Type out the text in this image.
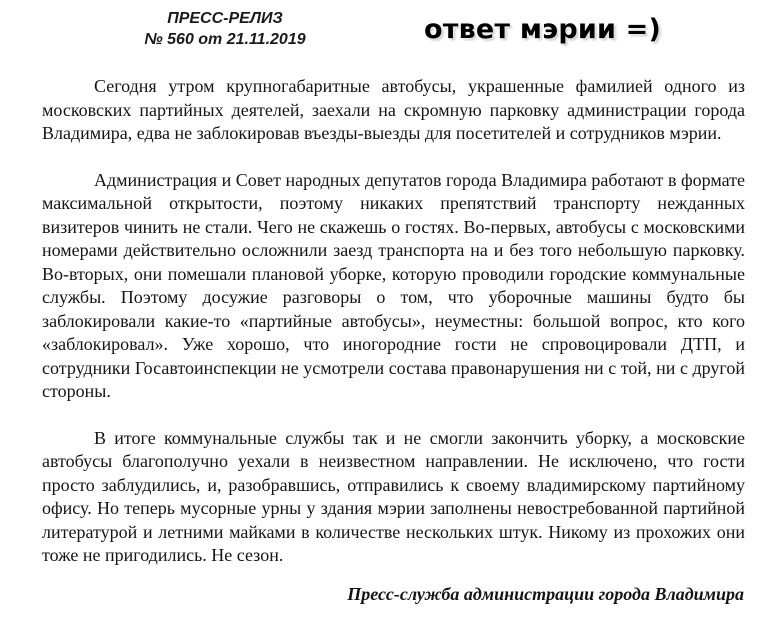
ПРЕСС-РЕЛИЗ
№ 560 от 21.11.2019	ответ мэрии =)

Сегодня утром крупногабаритные автобусы, украшенные фамилией одного из московских партийных деятелей, заехали на скромную парковку администрации города Владимира, едва не заблокировав въезды-выезды для посетителей и сотрудников мэрии.

Администрация и Совет народных депутатов города Владимира работают в формате максимальной открытости, поэтому никаких препятствий транспорту нежданных визитеров чинить не стали. Чего не скажешь о гостях. Во-первых, автобусы с московскими номерами действительно осложнили заезд транспорта на и без того небольшую парковку. Во-вторых, они помешали плановой уборке, которую проводили городские коммунальные службы. Поэтому досужие разговоры о том, что уборочные машины будто бы заблокировали какие-то «партийные автобусы», неуместны: большой вопрос, кто кого «заблокировал». Уже хорошо, что иногородние гости не спровоцировали ДТП, и сотрудники Госавтоинспекции не усмотрели состава правонарушения ни с той, ни с другой стороны.

В итоге коммунальные службы так и не смогли закончить уборку, а московские автобусы благополучно уехали в неизвестном направлении. Не исключено, что гости просто заблудились, и, разобравшись, отправились к своему владимирскому партийному офису. Но теперь мусорные урны у здания мэрии заполнены невостребованной партийной литературой и летними майками в количестве нескольких штук. Никому из прохожих они тоже не пригодились. Не сезон.

Пресс-служба администрации города Владимира
